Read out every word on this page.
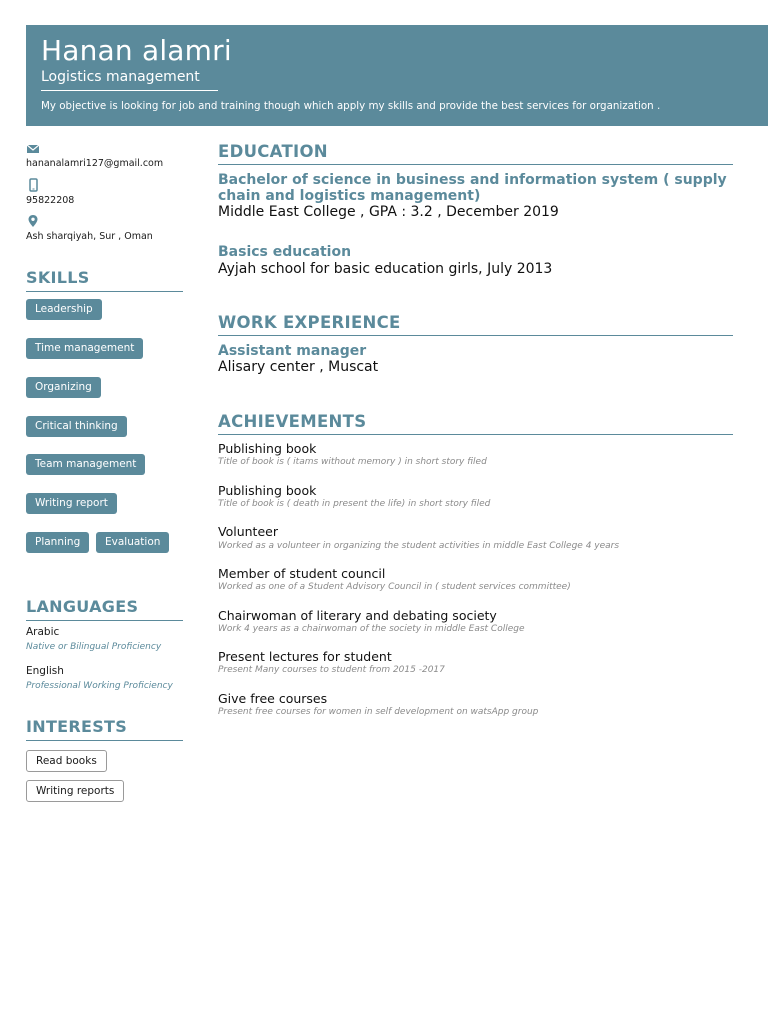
Hanan alamri
Logistics management
My objective is looking for job and training though which apply my skills and provide the best services for organization .
hananalamri127@gmail.com
95822208
Ash sharqiyah, Sur , Oman
SKILLS
Leadership
Time management
Organizing
Critical thinking
Team management
Writing report
Planning	Evaluation
LANGUAGES
Arabic
Native or Bilingual Proficiency
English
Professional Working Proficiency
INTERESTS
Read books
Writing reports
EDUCATION
Bachelor of science in business and information system ( supply chain and logistics management)
Middle East College , GPA : 3.2 , December 2019
Basics education
Ayjah school for basic education girls, July 2013
WORK EXPERIENCE
Assistant manager
Alisary center , Muscat
ACHIEVEMENTS
Publishing book
Title of book is ( itams without memory ) in short story filed
Publishing book
Title of book is ( death in present the life) in short story filed
Volunteer
Worked as a volunteer in organizing the student activities in middle East College 4 years
Member of student council
Worked as one of a Student Advisory Council in ( student services committee)
Chairwoman of literary and debating society
Work 4 years as a chairwoman of the society in middle East College
Present lectures for student
Present Many courses to student from 2015 -2017
Give free courses
Present free courses for women in self development on watsApp group
